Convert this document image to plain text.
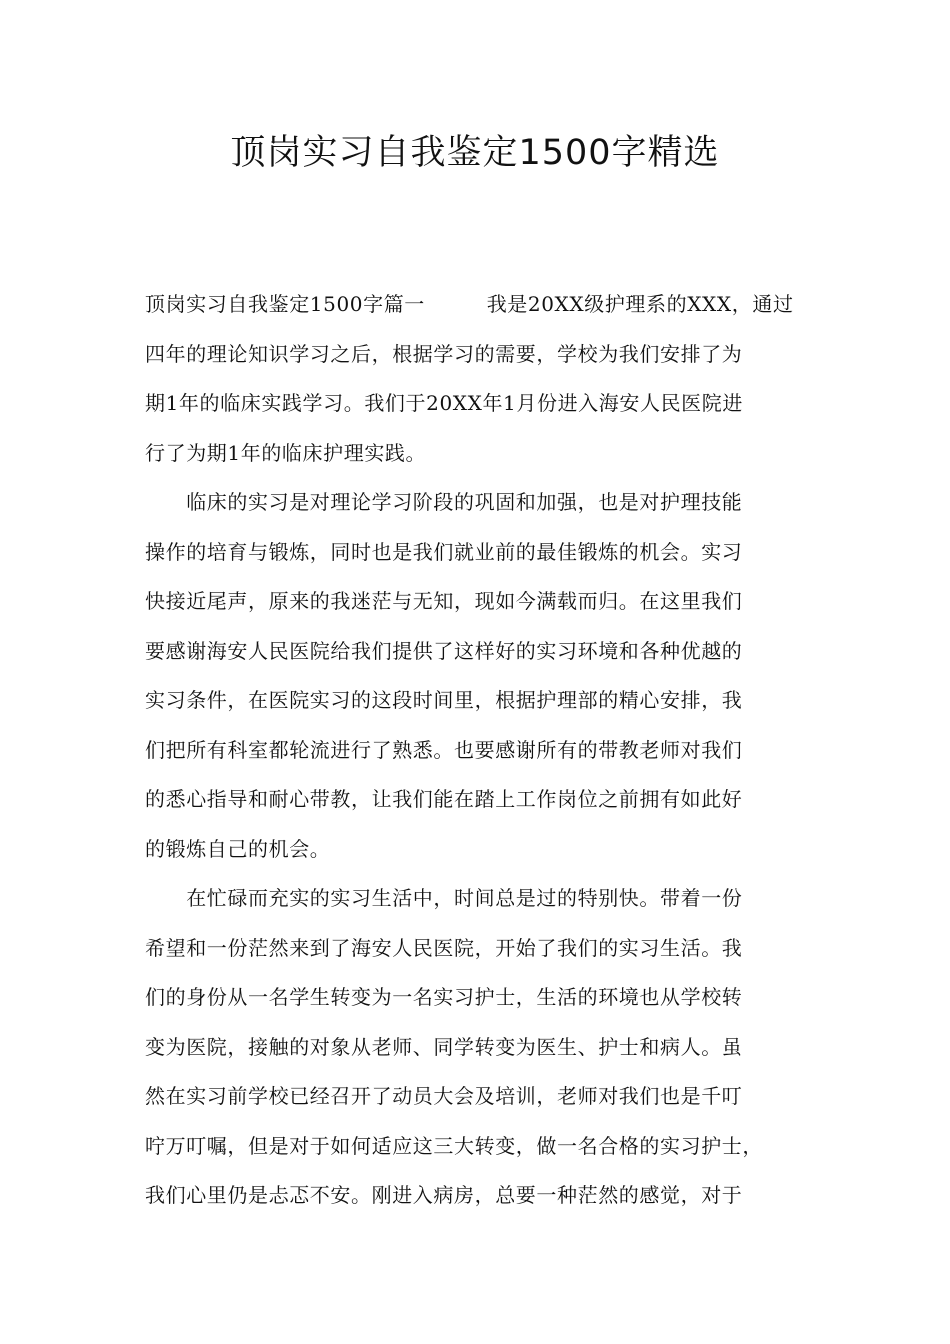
顶岗实习自我鉴定1500字精选

顶岗实习自我鉴定1500字篇一　　　我是20XX级护理系的XXX，通过
四年的理论知识学习之后，根据学习的需要，学校为我们安排了为
期1年的临床实践学习。我们于20XX年1月份进入海安人民医院进
行了为期1年的临床护理实践。

　　临床的实习是对理论学习阶段的巩固和加强，也是对护理技能
操作的培育与锻炼，同时也是我们就业前的最佳锻炼的机会。实习
快接近尾声，原来的我迷茫与无知，现如今满载而归。在这里我们
要感谢海安人民医院给我们提供了这样好的实习环境和各种优越的
实习条件，在医院实习的这段时间里，根据护理部的精心安排，我
们把所有科室都轮流进行了熟悉。也要感谢所有的带教老师对我们
的悉心指导和耐心带教，让我们能在踏上工作岗位之前拥有如此好
的锻炼自己的机会。

　　在忙碌而充实的实习生活中，时间总是过的特别快。带着一份
希望和一份茫然来到了海安人民医院，开始了我们的实习生活。我
们的身份从一名学生转变为一名实习护士，生活的环境也从学校转
变为医院，接触的对象从老师、同学转变为医生、护士和病人。虽
然在实习前学校已经召开了动员大会及培训，老师对我们也是千叮
咛万叮嘱，但是对于如何适应这三大转变，做一名合格的实习护士，
我们心里仍是忐忑不安。刚进入病房，总要一种茫然的感觉，对于
